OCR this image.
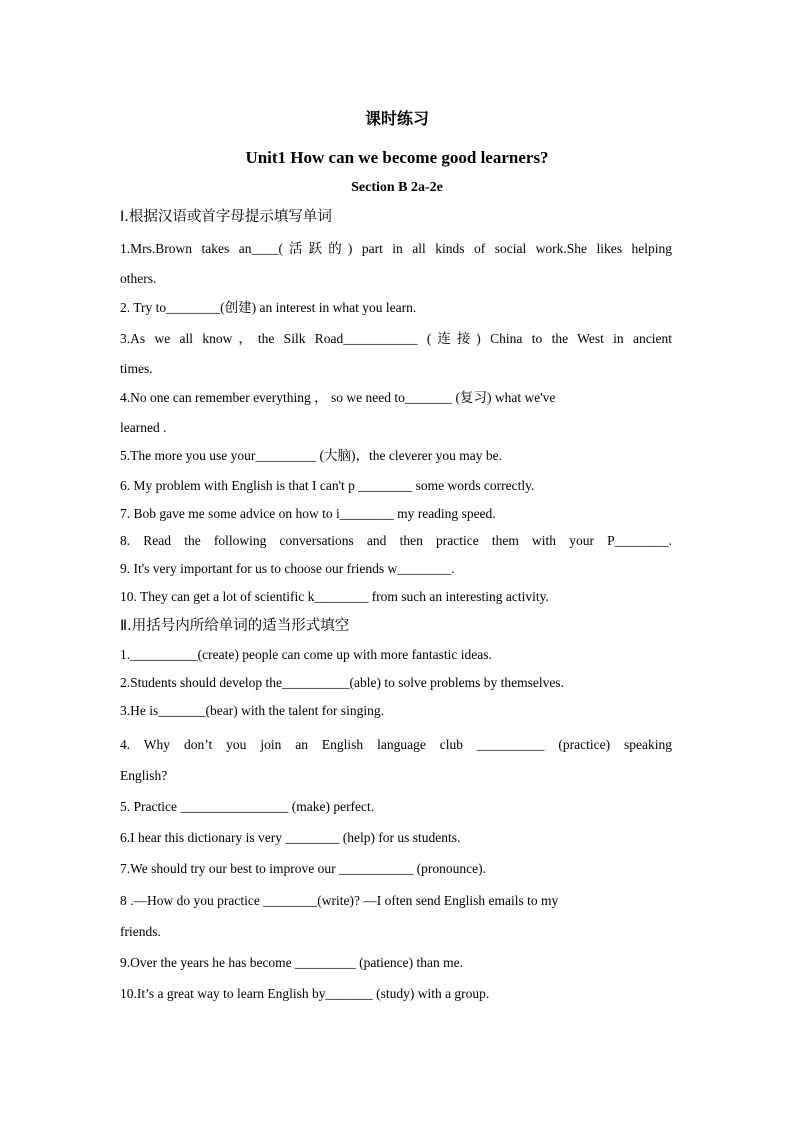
课时练习
Unit1 How can we become good learners?
Section B 2a-2e
Ⅰ.根据汉语或首字母提示填写单词
1.Mrs.Brown takes an____(活跃的) part in all kinds of social work.She likes helping
others.
2. Try to________(创建) an interest in what you learn.
3.As we all know，the Silk Road___________ (连接) China to the West in ancient
times.
4.No one can remember everything ， so we need to_______ (复习) what we've
learned .
5.The more you use your_________ (大脑)，the cleverer you may be.
6. My problem with English is that I can't p ________ some words correctly.
7. Bob gave me some advice on how to i________ my reading speed.
8. Read the following conversations and then practice them with your P________.
9. It's very important for us to choose our friends w________.
10. They can get a lot of scientific k________ from such an interesting activity.
Ⅱ.用括号内所给单词的适当形式填空
1.__________(create) people can come up with more fantastic ideas.
2.Students should develop the__________(able) to solve problems by themselves.
3.He is_______(bear) with the talent for singing.
4. Why don’t you join an English language club __________ (practice) speaking
English?
5. Practice ________________ (make) perfect.
6.I hear this dictionary is very ________ (help) for us students.
7.We should try our best to improve our ___________ (pronounce).
8 .—How do you practice ________(write)? —I often send English emails to my
friends.
9.Over the years he has become _________ (patience) than me.
10.It’s a great way to learn English by_______ (study) with a group.
